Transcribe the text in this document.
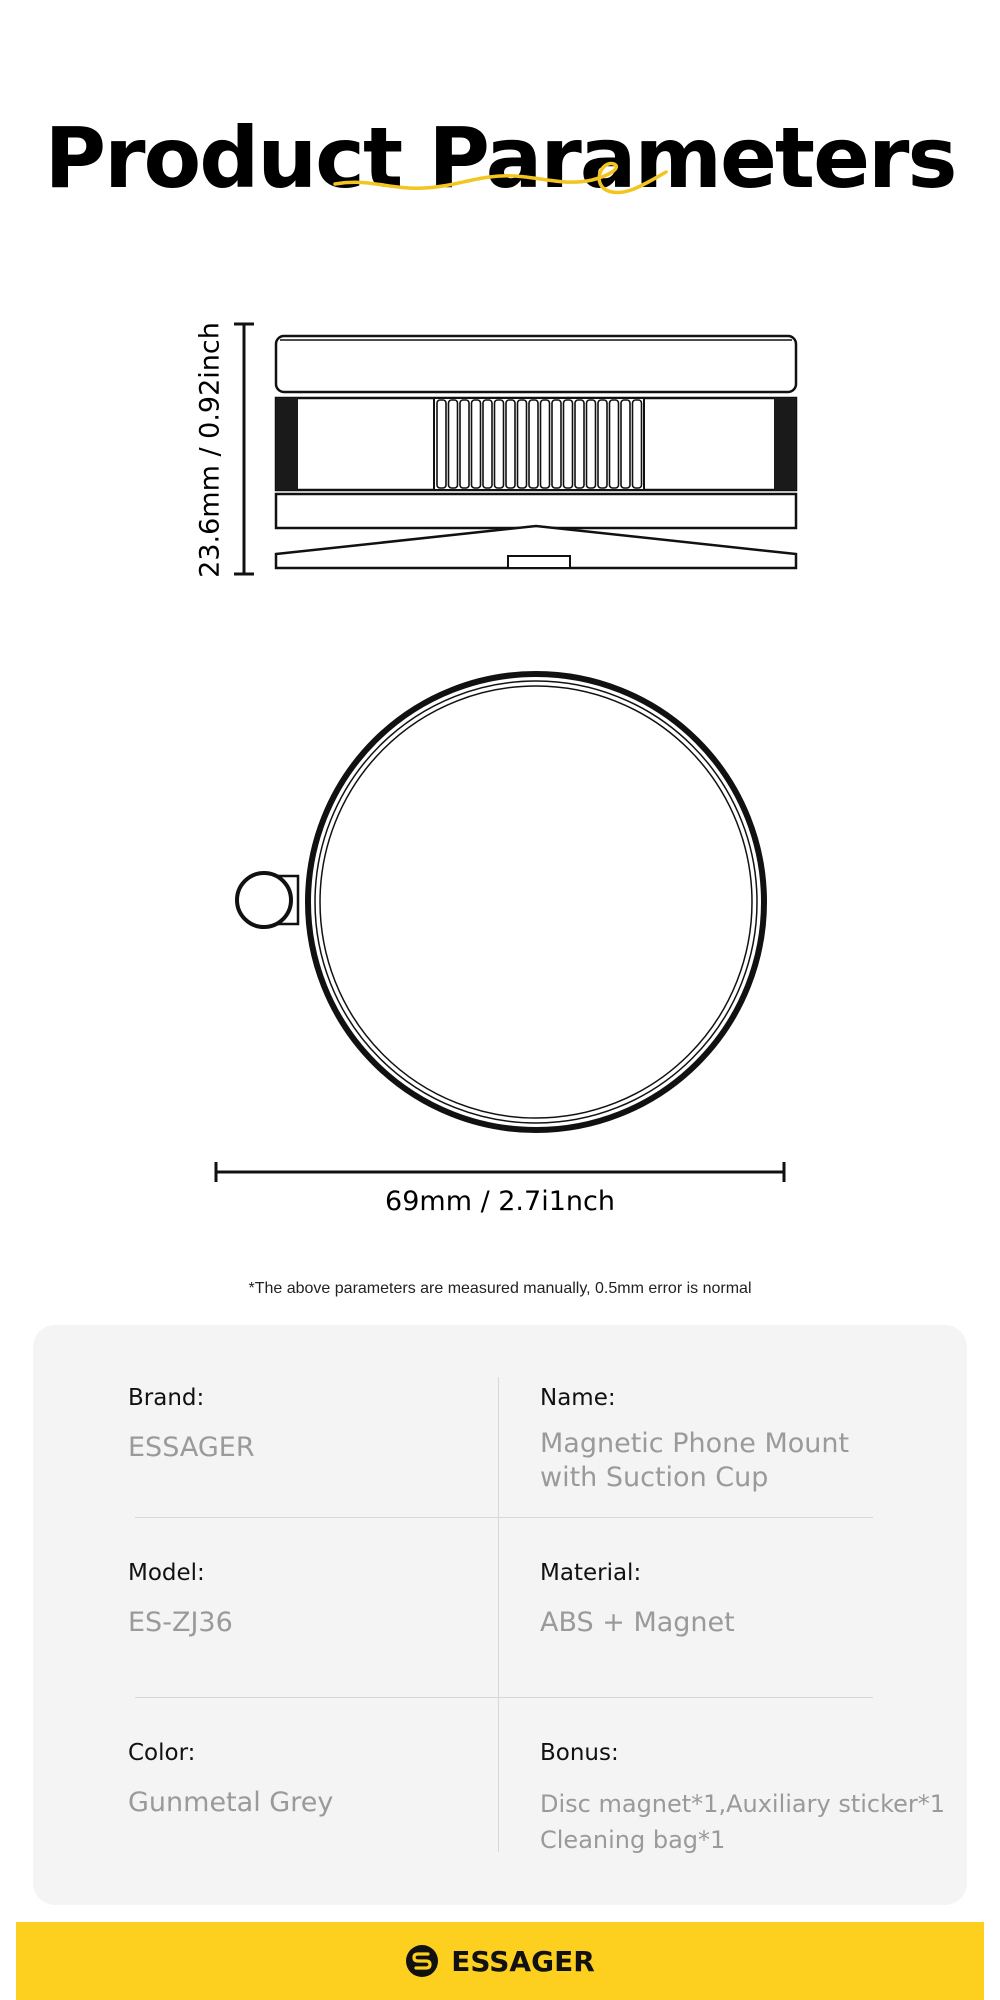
Product Parameters
23.6mm / 0.92inch
69mm / 2.7i1nch
*The above parameters are measured manually, 0.5mm error is normal
Brand:
ESSAGER
Name:
Magnetic Phone Mount
with Suction Cup
Model:
ES-ZJ36
Material:
ABS + Magnet
Color:
Gunmetal Grey
Bonus:
Disc magnet*1,Auxiliary sticker*1
Cleaning bag*1
ESSAGER
